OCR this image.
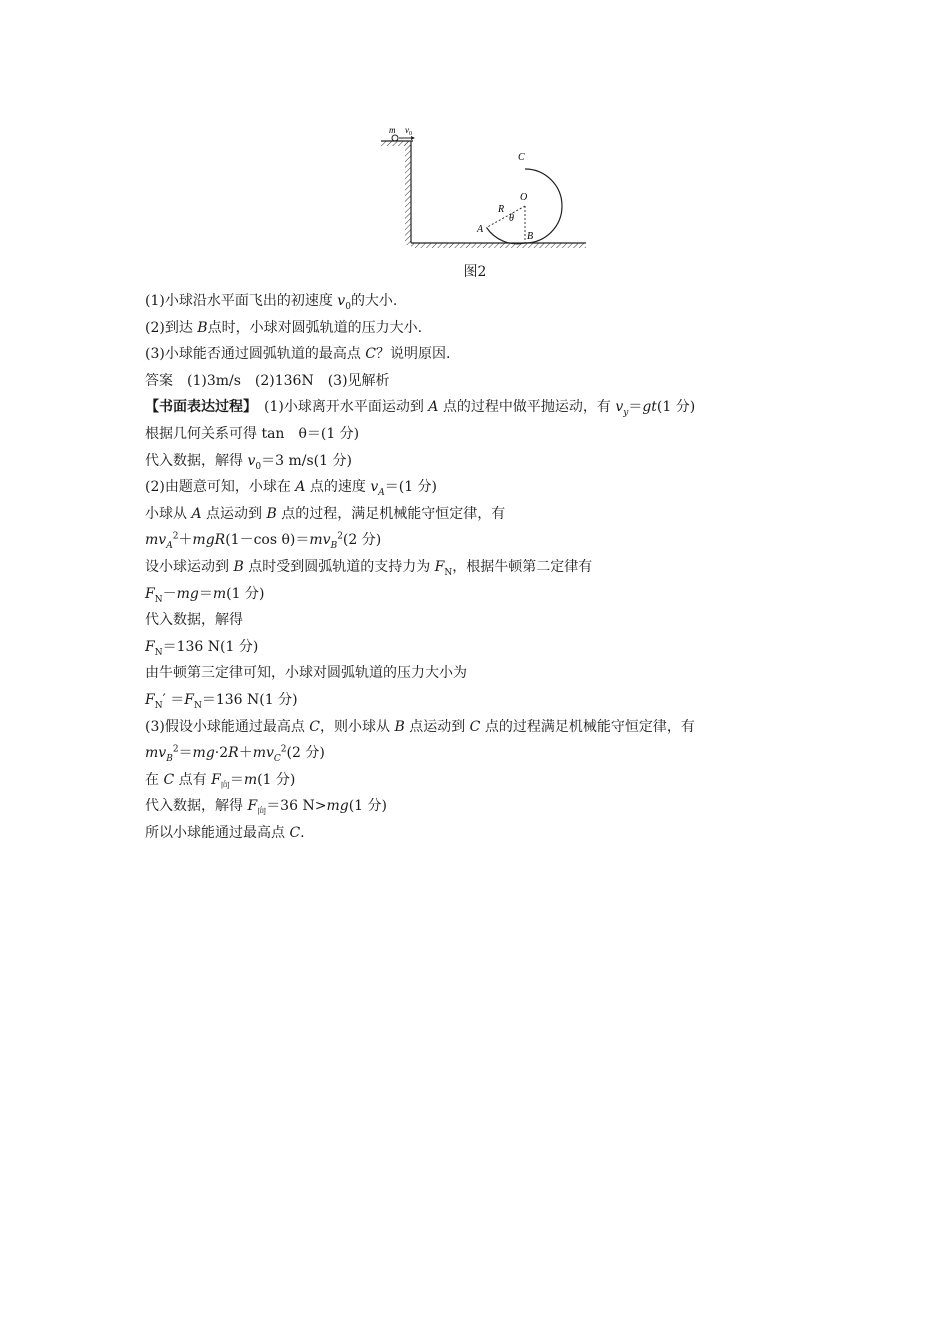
m $v_0$
C
O
R
θ
A
B
图2
(1)小球沿水平面飞出的初速度 $v_0$的大小.
(2)到达 B点时，小球对圆弧轨道的压力大小.
(3)小球能否通过圆弧轨道的最高点 C？说明原因.
答案　(1)3m/s　(2)136N　(3)见解析
【书面表达过程】　(1)小球离开水平面运动到 A 点的过程中做平抛运动，有 $v_y=gt(1$ 分)
根据几何关系可得 tan　θ＝(1 分)
代入数据，解得 $v_0=3$ m/s(1 分)
(2)由题意可知，小球在 A 点的速度 $v_A=(1$ 分)
小球从 A 点运动到 B 点的过程，满足机械能守恒定律，有
$mv_A^2+mgR(1-\cos$ $\theta)=mv_B^2(2$ 分)
设小球运动到 B 点时受到圆弧轨道的支持力为 $F_N$，根据牛顿第二定律有
$F_N-mg=m(1$ 分)
代入数据，解得
$F_N=136$ N(1 分)
由牛顿第三定律可知，小球对圆弧轨道的压力大小为
$F_N' =F_N=136$ N(1 分)
(3)假设小球能通过最高点 C，则小球从 B 点运动到 C 点的过程满足机械能守恒定律，有
$mv_B^2=mg\cdot 2R+mv_C^2(2$ 分)
在 C 点有 $F_向=m(1$ 分)
代入数据，解得 $F_向=36$ N>mg(1 分)
所以小球能通过最高点 C.
